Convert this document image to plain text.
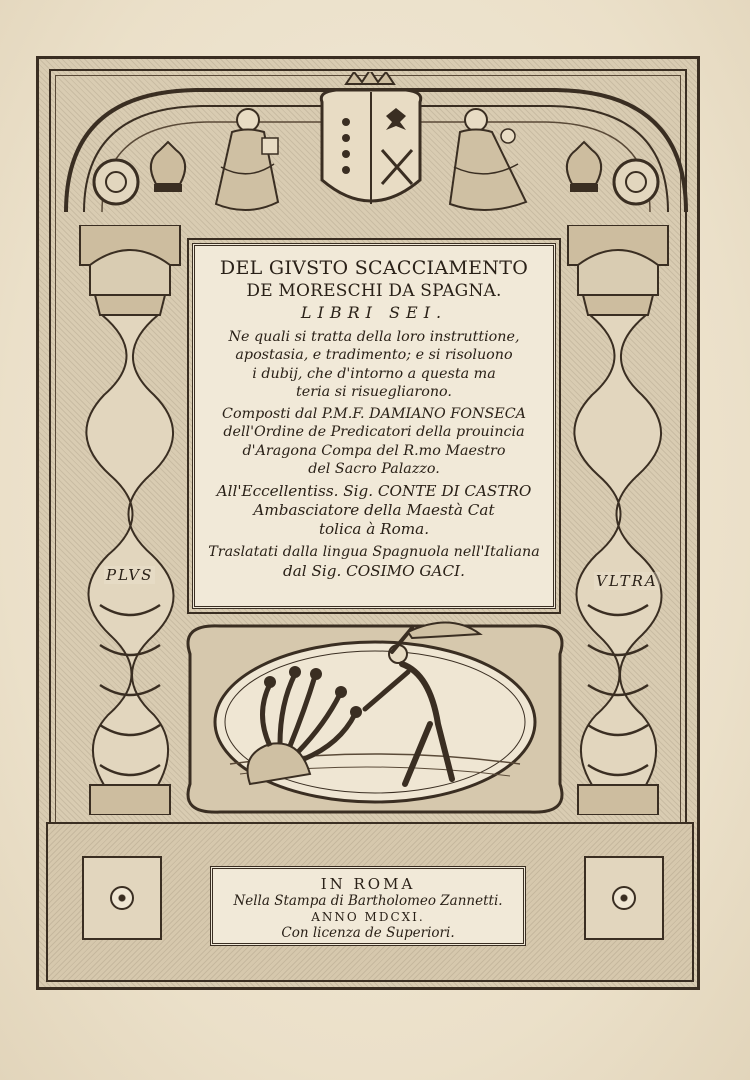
PLVS	VLTRA
DEL GIVSTO SCACCIAMENTO
DE MORESCHI DA SPAGNA.
LIBRI SEI.

Ne quali si tratta della loro instruttione,

apostasia, e tradimento; e si risoluono

i dubij, che d'intorno a questa ma

teria si risuegliarono.

Composti dal P.M.F. DAMIANO FONSECA

dell'Ordine de Predicatori della prouincia

d'Aragona Compa del R.mo Maestro

del Sacro Palazzo.

All'Eccellentiss. Sig. CONTE DI CASTRO

Ambasciatore della Maestà Cat

tolica à Roma.

Traslatati dalla lingua Spagnuola nell'Italiana

dal Sig. COSIMO GACI.

IN ROMA
Nella Stampa di Bartholomeo Zannetti.
ANNO MDCXI.
Con licenza de Superiori.
